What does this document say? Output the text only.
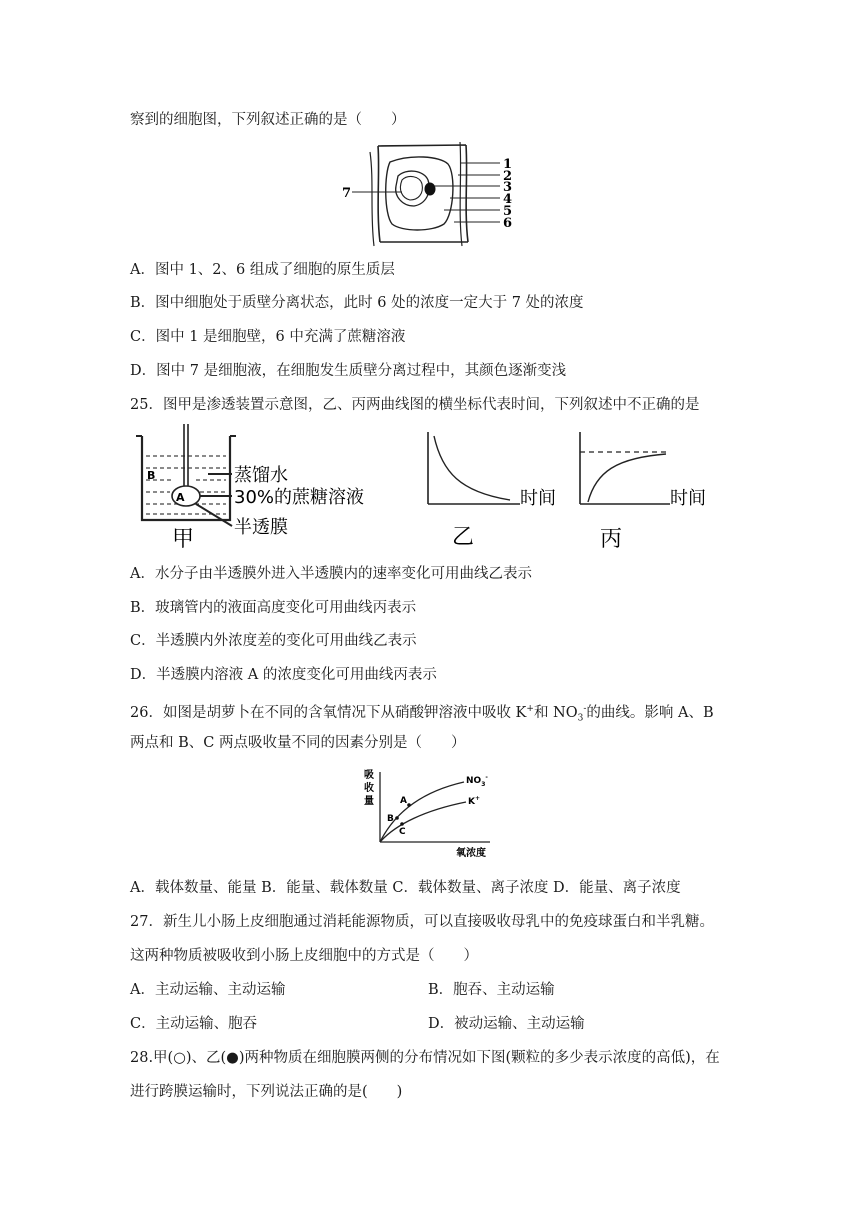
察到的细胞图，下列叙述正确的是（　　）
1
2
3
4
5
6
7
A．图中 1、2、6 组成了细胞的原生质层
B．图中细胞处于质壁分离状态，此时 6 处的浓度一定大于 7 处的浓度
C．图中 1 是细胞壁，6 中充满了蔗糖溶液
D．图中 7 是细胞液，在细胞发生质壁分离过程中，其颜色逐渐变浅
25．图甲是渗透装置示意图，乙、丙两曲线图的横坐标代表时间，下列叙述中不正确的是
B
A
蒸馏水
30%的蔗糖溶液
半透膜
甲
时间
乙
时间
丙
A．水分子由半透膜外进入半透膜内的速率变化可用曲线乙表示
B．玻璃管内的液面高度变化可用曲线丙表示
C．半透膜内外浓度差的变化可用曲线乙表示
D．半透膜内溶液 A 的浓度变化可用曲线丙表示
26．如图是胡萝卜在不同的含氧情况下从硝酸钾溶液中吸收 K+和 $NO_3^-$的曲线。影响 A、B
两点和 B、C 两点吸收量不同的因素分别是（　　）
吸
收
量	A
B
C
$NO_3^-$
K+
氧浓度
A．载体数量、能量 B．能量、载体数量 C．载体数量、离子浓度 D．能量、离子浓度
27．新生儿小肠上皮细胞通过消耗能源物质，可以直接吸收母乳中的免疫球蛋白和半乳糖。
这两种物质被吸收到小肠上皮细胞中的方式是（　　）
A．主动运输、主动运输	B．胞吞、主动运输
C．主动运输、胞吞	D．被动运输、主动运输
28.甲(○)、乙(●)两种物质在细胞膜两侧的分布情况如下图(颗粒的多少表示浓度的高低)，在
进行跨膜运输时，下列说法正确的是(　　)
